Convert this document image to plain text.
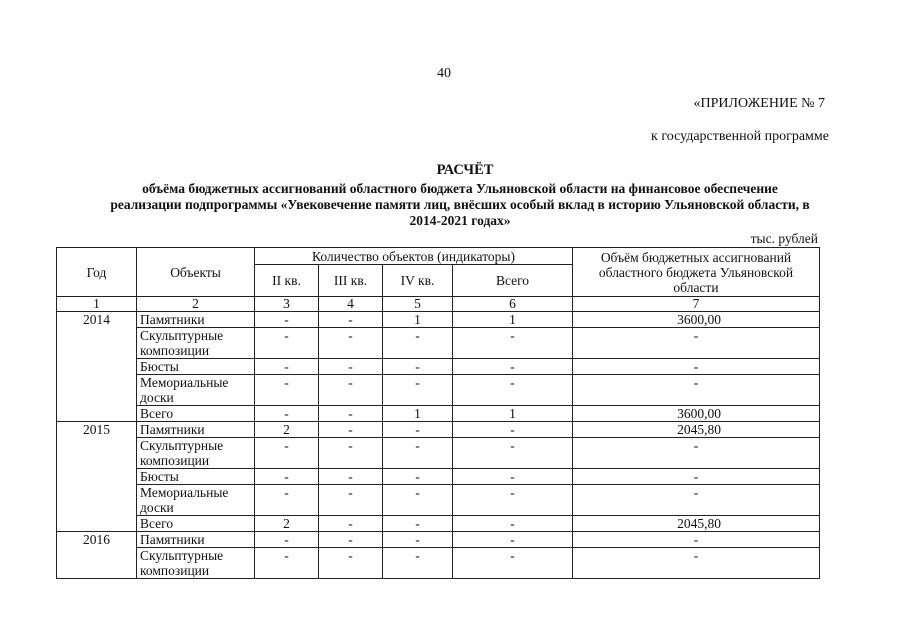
40
«ПРИЛОЖЕНИЕ № 7
к государственной программе
РАСЧЁТ
объёма бюджетных ассигнований областного бюджета Ульяновской области на финансовое обеспечение реализации подпрограммы «Увековечение памяти лиц, внёсших особый вклад в историю Ульяновской области, в 2014-2021 годах»
тыс. рублей
Год	Объекты	Количество объектов (индикаторы)				Объём бюджетных ассигнований областного бюджета Ульяновской области
		II кв.	III кв.	IV кв.	Всего	
1	2	3	4	5	6	7
2014	Памятники	-	-	1	1	3600,00
	Скульптурные композиции	-	-	-	-	-
	Бюсты	-	-	-	-	-
	Мемориальные доски	-	-	-	-	-
	Всего	-	-	1	1	3600,00
2015	Памятники	2	-	-	-	2045,80
	Скульптурные композиции	-	-	-	-	-
	Бюсты	-	-	-	-	-
	Мемориальные доски	-	-	-	-	-
	Всего	2	-	-	-	2045,80
2016	Памятники	-	-	-	-	-
	Скульптурные композиции	-	-	-	-	-
